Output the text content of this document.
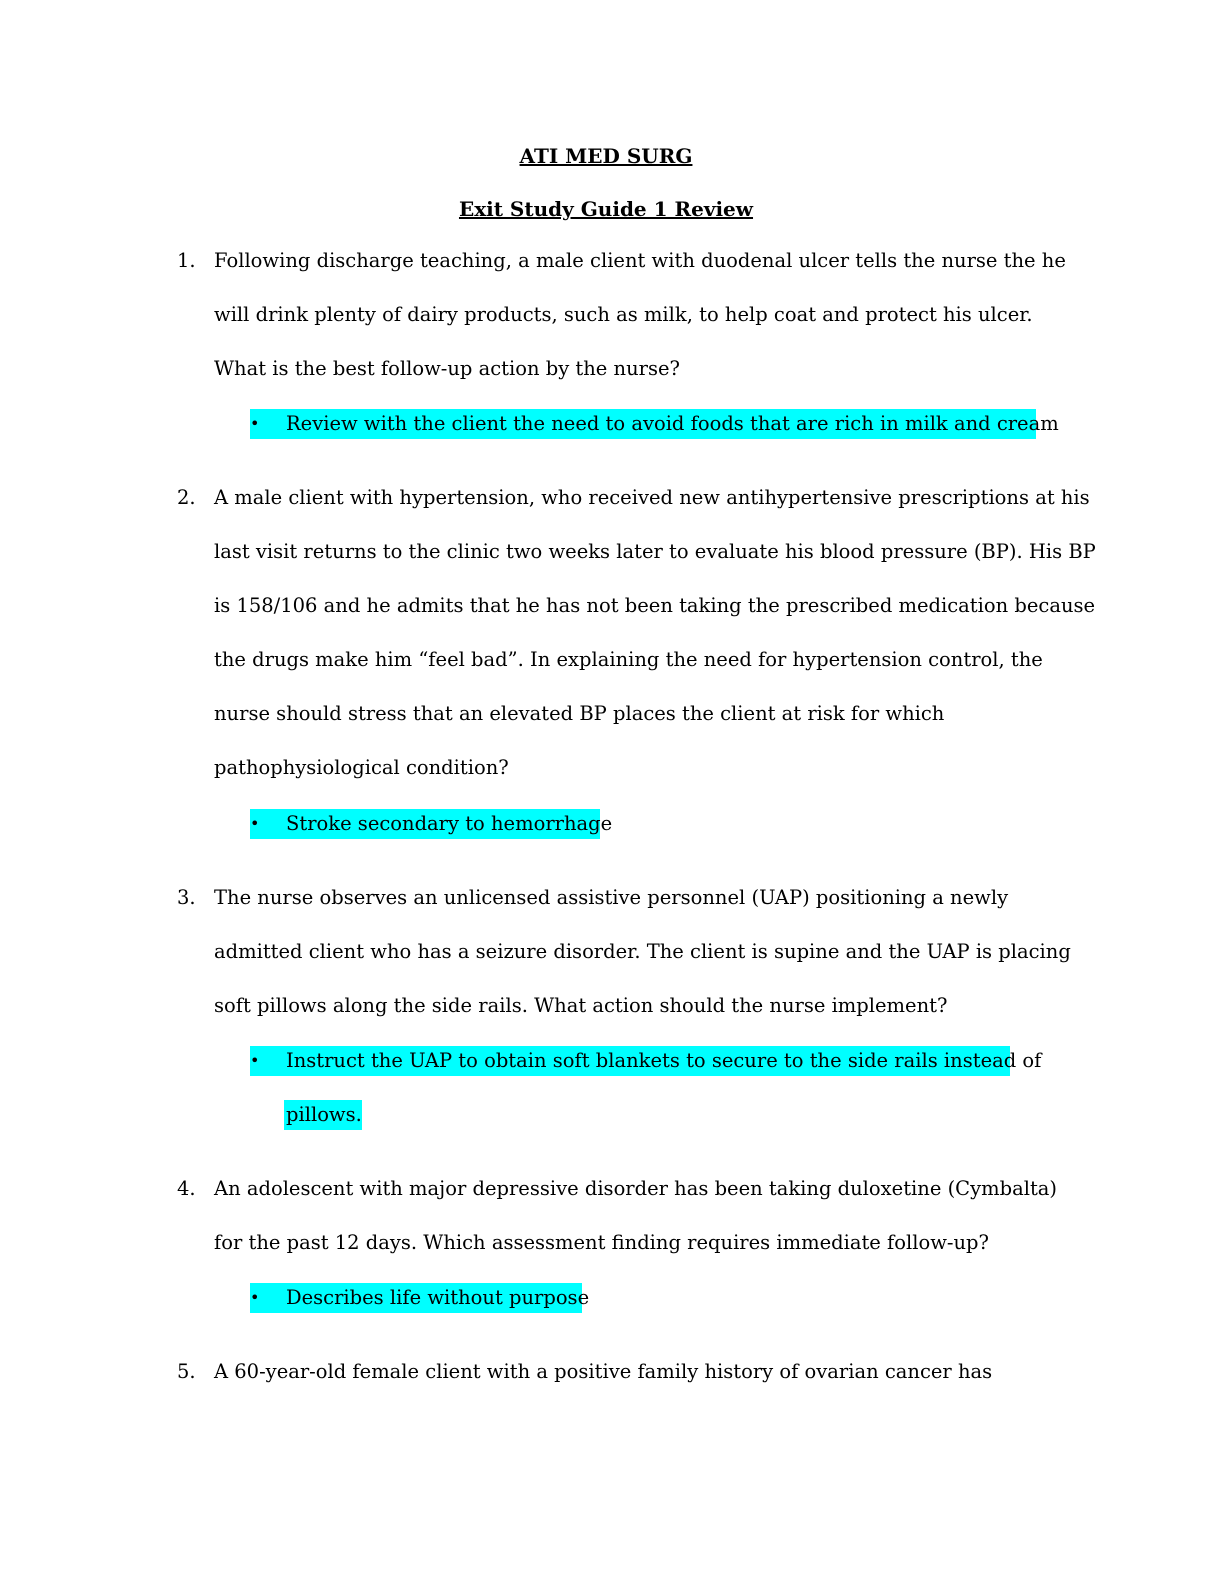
ATI MED SURG
Exit Study Guide 1 Review
1. Following discharge teaching, a male client with duodenal ulcer tells the nurse the he
will drink plenty of dairy products, such as milk, to help coat and protect his ulcer.
What is the best follow-up action by the nurse?
• Review with the client the need to avoid foods that are rich in milk and cream
2. A male client with hypertension, who received new antihypertensive prescriptions at his
last visit returns to the clinic two weeks later to evaluate his blood pressure (BP). His BP
is 158/106 and he admits that he has not been taking the prescribed medication because
the drugs make him “feel bad”. In explaining the need for hypertension control, the
nurse should stress that an elevated BP places the client at risk for which
pathophysiological condition?
• Stroke secondary to hemorrhage
3. The nurse observes an unlicensed assistive personnel (UAP) positioning a newly
admitted client who has a seizure disorder. The client is supine and the UAP is placing
soft pillows along the side rails. What action should the nurse implement?
• Instruct the UAP to obtain soft blankets to secure to the side rails instead of
pillows.
4. An adolescent with major depressive disorder has been taking duloxetine (Cymbalta)
for the past 12 days. Which assessment finding requires immediate follow-up?
• Describes life without purpose
5. A 60-year-old female client with a positive family history of ovarian cancer has
